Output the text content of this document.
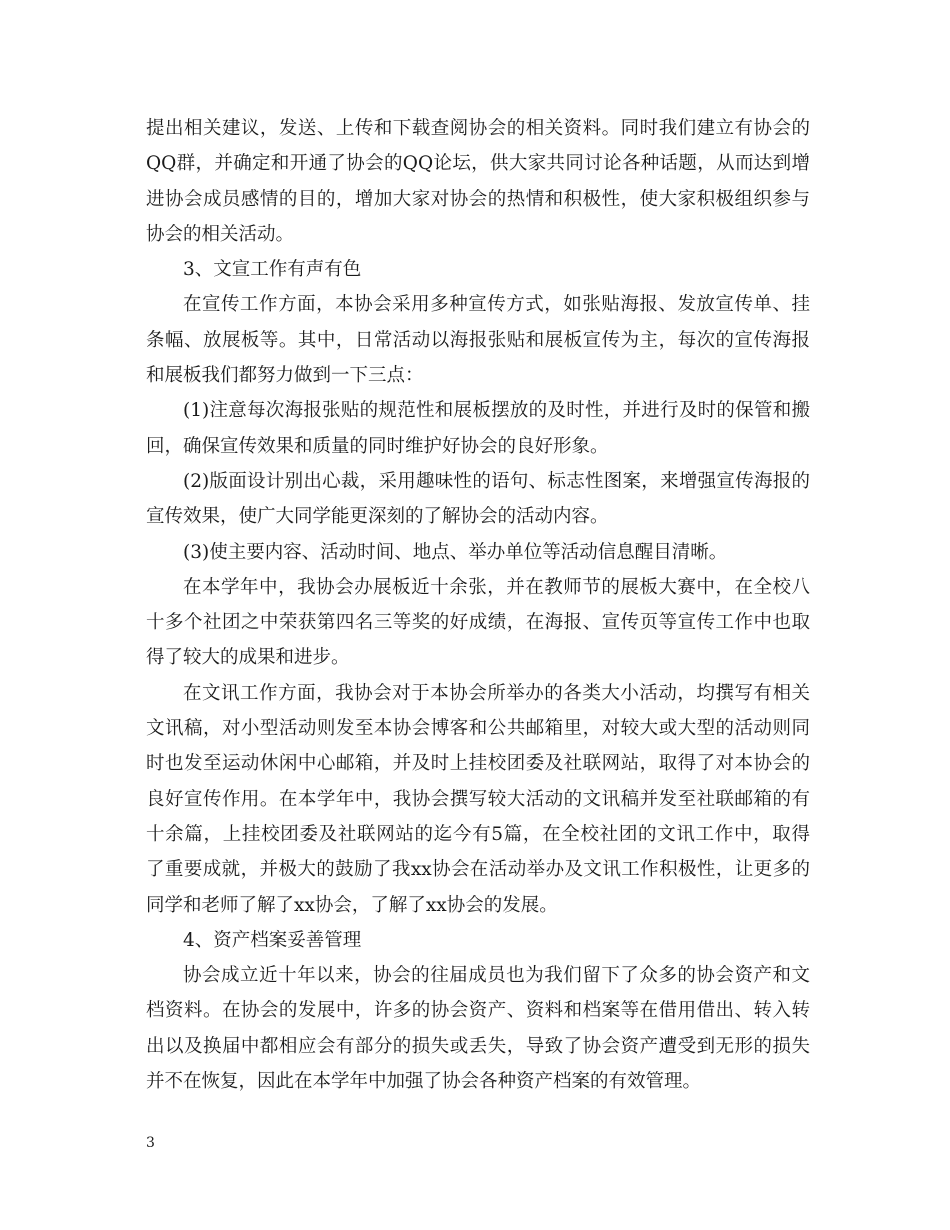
提出相关建议，发送、上传和下载查阅协会的相关资料。同时我们建立有协会的
QQ群，并确定和开通了协会的QQ论坛，供大家共同讨论各种话题，从而达到增
进协会成员感情的目的，增加大家对协会的热情和积极性，使大家积极组织参与
协会的相关活动。
3、文宣工作有声有色
在宣传工作方面，本协会采用多种宣传方式，如张贴海报、发放宣传单、挂
条幅、放展板等。其中，日常活动以海报张贴和展板宣传为主，每次的宣传海报
和展板我们都努力做到一下三点：
(1)注意每次海报张贴的规范性和展板摆放的及时性，并进行及时的保管和搬
回，确保宣传效果和质量的同时维护好协会的良好形象。
(2)版面设计别出心裁，采用趣味性的语句、标志性图案，来增强宣传海报的
宣传效果，使广大同学能更深刻的了解协会的活动内容。
(3)使主要内容、活动时间、地点、举办单位等活动信息醒目清晰。
在本学年中，我协会办展板近十余张，并在教师节的展板大赛中，在全校八
十多个社团之中荣获第四名三等奖的好成绩，在海报、宣传页等宣传工作中也取
得了较大的成果和进步。
在文讯工作方面，我协会对于本协会所举办的各类大小活动，均撰写有相关
文讯稿，对小型活动则发至本协会博客和公共邮箱里，对较大或大型的活动则同
时也发至运动休闲中心邮箱，并及时上挂校团委及社联网站，取得了对本协会的
良好宣传作用。在本学年中，我协会撰写较大活动的文讯稿并发至社联邮箱的有
十余篇，上挂校团委及社联网站的迄今有5篇，在全校社团的文讯工作中，取得
了重要成就，并极大的鼓励了我xx协会在活动举办及文讯工作积极性，让更多的
同学和老师了解了xx协会，了解了xx协会的发展。
4、资产档案妥善管理
协会成立近十年以来，协会的往届成员也为我们留下了众多的协会资产和文
档资料。在协会的发展中，许多的协会资产、资料和档案等在借用借出、转入转
出以及换届中都相应会有部分的损失或丢失，导致了协会资产遭受到无形的损失
并不在恢复，因此在本学年中加强了协会各种资产档案的有效管理。
3
